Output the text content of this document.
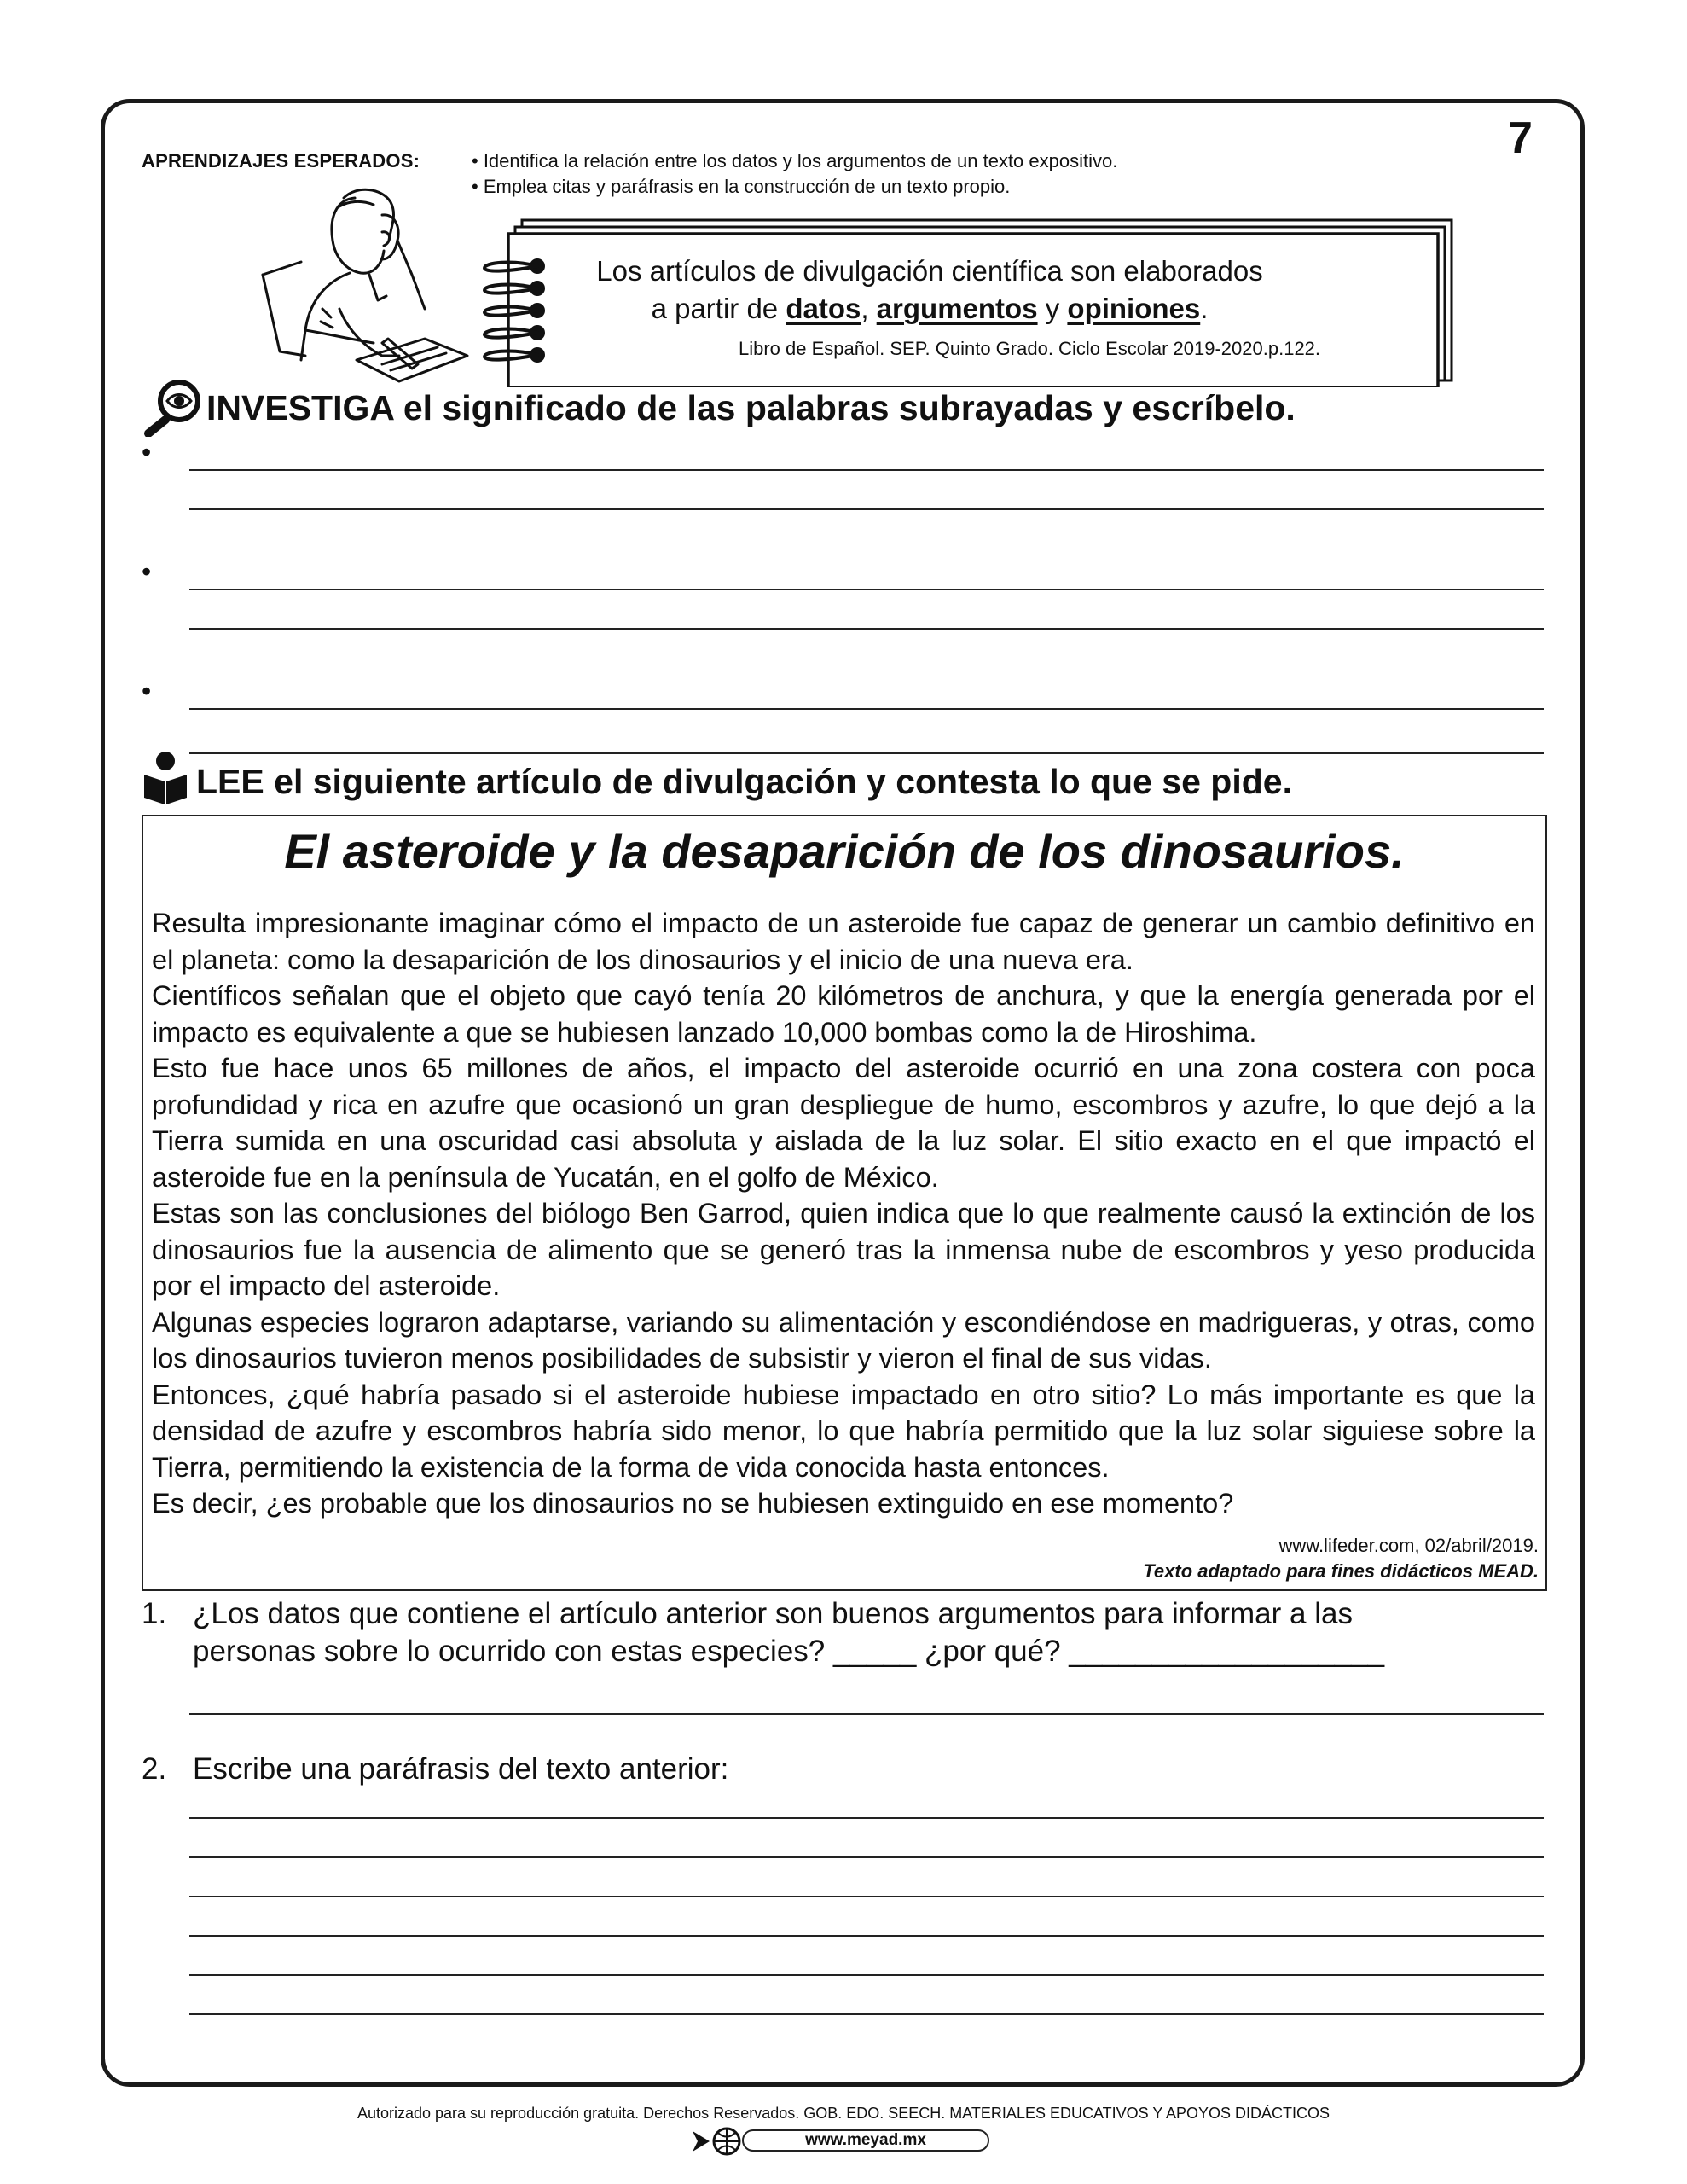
7
APRENDIZAJES ESPERADOS:	• Identifica la relación entre los datos y los argumentos de un texto expositivo.
• Emplea citas y paráfrasis en la construcción de un texto propio.
Los artículos de divulgación científica son elaborados
a partir de datos, argumentos y opiniones.
Libro de Español. SEP. Quinto Grado. Ciclo Escolar 2019-2020.p.122.
INVESTIGA el significado de las palabras subrayadas y escríbelo.
•
•
•
LEE el siguiente artículo de divulgación y contesta lo que se pide.
El asteroide y la desaparición de los dinosaurios.

Resulta impresionante imaginar cómo el impacto de un asteroide fue capaz de generar un cambio definitivo en el planeta: como la desaparición de los dinosaurios y el inicio de una nueva era.

Científicos señalan que el objeto que cayó tenía 20 kilómetros de anchura, y que la energía generada por el impacto es equivalente a que se hubiesen lanzado 10,000 bombas como la de Hiroshima.

Esto fue hace unos 65 millones de años, el impacto del asteroide ocurrió en una zona costera con poca profundidad y rica en azufre que ocasionó un gran despliegue de humo, escombros y azufre, lo que dejó a la Tierra sumida en una oscuridad casi absoluta y aislada de la luz solar. El sitio exacto en el que impactó el asteroide fue en la península de Yucatán, en el golfo de México.

Estas son las conclusiones del biólogo Ben Garrod, quien indica que lo que realmente causó la extinción de los dinosaurios fue la ausencia de alimento que se generó tras la inmensa nube de escombros y yeso producida por el impacto del asteroide.

Algunas especies lograron adaptarse, variando su alimentación y escondiéndose en madrigueras, y otras, como los dinosaurios tuvieron menos posibilidades de subsistir y vieron el final de sus vidas.

Entonces, ¿qué habría pasado si el asteroide hubiese impactado en otro sitio? Lo más importante es que la densidad de azufre y escombros habría sido menor, lo que habría permitido que la luz solar siguiese sobre la Tierra, permitiendo la existencia de la forma de vida conocida hasta entonces.

Es decir, ¿es probable que los dinosaurios no se hubiesen extinguido en ese momento?

www.lifeder.com, 02/abril/2019.
Texto adaptado para fines didácticos MEAD.
1. ¿Los datos que contiene el artículo anterior son buenos argumentos para informar a las
personas sobre lo ocurrido con estas especies? _____ ¿por qué? ___________________
2. Escribe una paráfrasis del texto anterior:
Autorizado para su reproducción gratuita. Derechos Reservados. GOB. EDO. SEECH. MATERIALES EDUCATIVOS Y APOYOS DIDÁCTICOS
www.meyad.mx
